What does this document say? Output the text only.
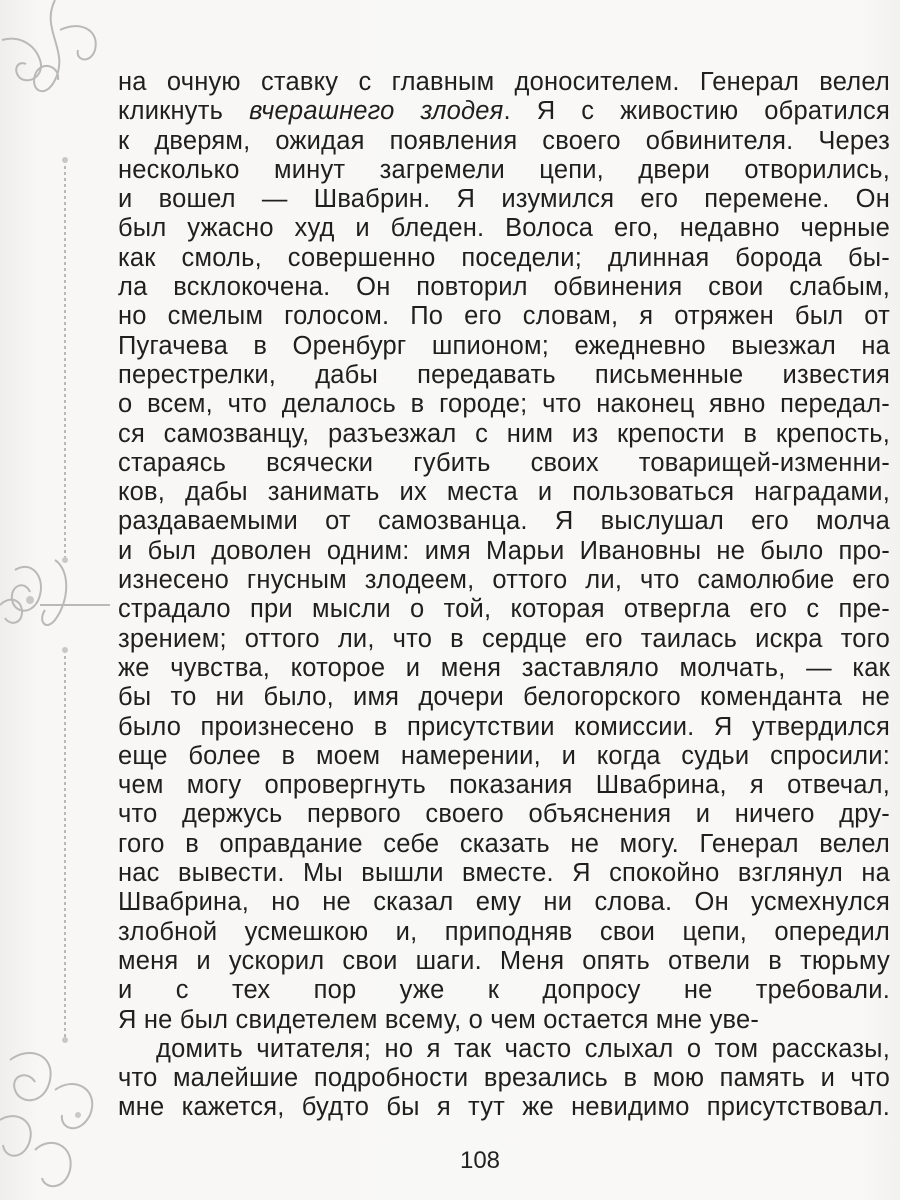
на очную ставку с главным доносителем. Генерал велел
кликнуть вчерашнего злодея. Я с живостию обратился
к дверям, ожидая появления своего обвинителя. Через
несколько минут загремели цепи, двери отворились,
и вошел — Швабрин. Я изумился его перемене. Он
был ужасно худ и бледен. Волоса его, недавно черные
как смоль, совершенно поседели; длинная борода бы-
ла всклокочена. Он повторил обвинения свои слабым,
но смелым голосом. По его словам, я отряжен был от
Пугачева в Оренбург шпионом; ежедневно выезжал на
перестрелки, дабы передавать письменные известия
о всем, что делалось в городе; что наконец явно передал-
ся самозванцу, разъезжал с ним из крепости в крепость,
стараясь всячески губить своих товарищей-изменни-
ков, дабы занимать их места и пользоваться наградами,
раздаваемыми от самозванца. Я выслушал его молча
и был доволен одним: имя Марьи Ивановны не было про-
изнесено гнусным злодеем, оттого ли, что самолюбие его
страдало при мысли о той, которая отвергла его с пре-
зрением; оттого ли, что в сердце его таилась искра того
же чувства, которое и меня заставляло молчать, — как
бы то ни было, имя дочери белогорского коменданта не
было произнесено в присутствии комиссии. Я утвердился
еще более в моем намерении, и когда судьи спросили:
чем могу опровергнуть показания Швабрина, я отвечал,
что держусь первого своего объяснения и ничего дру-
гого в оправдание себе сказать не могу. Генерал велел
нас вывести. Мы вышли вместе. Я спокойно взглянул на
Швабрина, но не сказал ему ни слова. Он усмехнулся
злобной усмешкою и, приподняв свои цепи, опередил
меня и ускорил свои шаги. Меня опять отвели в тюрьму
и с тех пор уже к допросу не требовали.
Я не был свидетелем всему, о чем остается мне уве-
домить читателя; но я так часто слыхал о том рассказы,
что малейшие подробности врезались в мою память и что
мне кажется, будто бы я тут же невидимо присутствовал.
108
